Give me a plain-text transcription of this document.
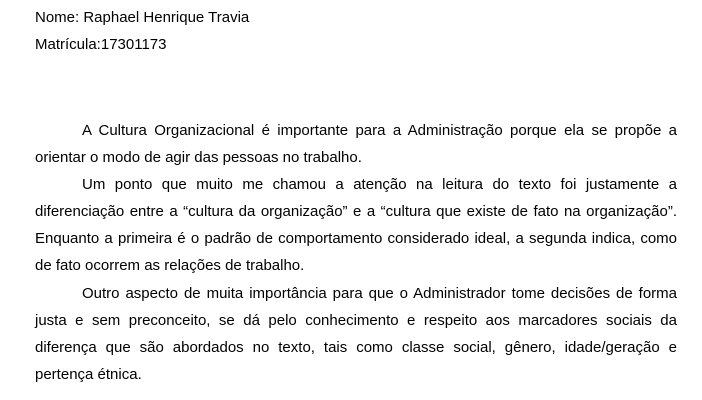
Nome: Raphael Henrique Travia
Matrícula:17301173

A Cultura Organizacional é importante para a Administração porque ela se propõe a orientar o modo de agir das pessoas no trabalho.

Um ponto que muito me chamou a atenção na leitura do texto foi justamente a diferenciação entre a “cultura da organização” e a “cultura que existe de fato na organização”. Enquanto a primeira é o padrão de comportamento considerado ideal, a segunda indica, como de fato ocorrem as relações de trabalho.

Outro aspecto de muita importância para que o Administrador tome decisões de forma justa e sem preconceito, se dá pelo conhecimento e respeito aos marcadores sociais da diferença que são abordados no texto, tais como classe social, gênero, idade/geração e pertença étnica.
